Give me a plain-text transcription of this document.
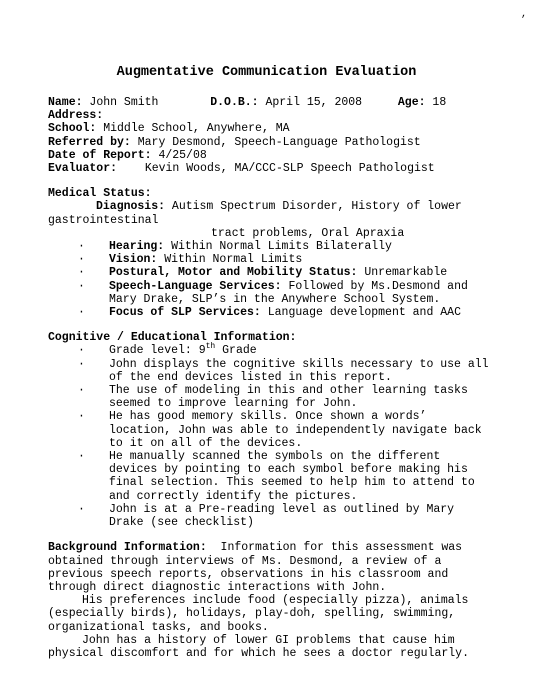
,
Augmentative Communication Evaluation
Name: John Smith	D.O.B.: April 15, 2008	Age: 18
Address:
School: Middle School, Anywhere, MA
Referred by: Mary Desmond, Speech-Language Pathologist
Date of Report: 4/25/08
Evaluator: Kevin Woods, MA/CCC-SLP Speech Pathologist
Medical Status:
Diagnosis: Autism Spectrum Disorder, History of lower
gastrointestinal
tract problems, Oral Apraxia
· Hearing: Within Normal Limits Bilaterally
· Vision: Within Normal Limits
· Postural, Motor and Mobility Status: Unremarkable
· Speech-Language Services: Followed by Ms.Desmond and
Mary Drake, SLP’s in the Anywhere School System.
· Focus of SLP Services: Language development and AAC
Cognitive / Educational Information:
· Grade level: 9th Grade
· John displays the cognitive skills necessary to use all
of the end devices listed in this report.
· The use of modeling in this and other learning tasks
seemed to improve learning for John.
· He has good memory skills. Once shown a words’
location, John was able to independently navigate back
to it on all of the devices.
· He manually scanned the symbols on the different
devices by pointing to each symbol before making his
final selection. This seemed to help him to attend to
and correctly identify the pictures.
· John is at a Pre-reading level as outlined by Mary
Drake (see checklist)
Background Information: Information for this assessment was
obtained through interviews of Ms. Desmond, a review of a
previous speech reports, observations in his classroom and
through direct diagnostic interactions with John.
His preferences include food (especially pizza), animals
(especially birds), holidays, play-doh, spelling, swimming,
organizational tasks, and books.
John has a history of lower GI problems that cause him
physical discomfort and for which he sees a doctor regularly.
